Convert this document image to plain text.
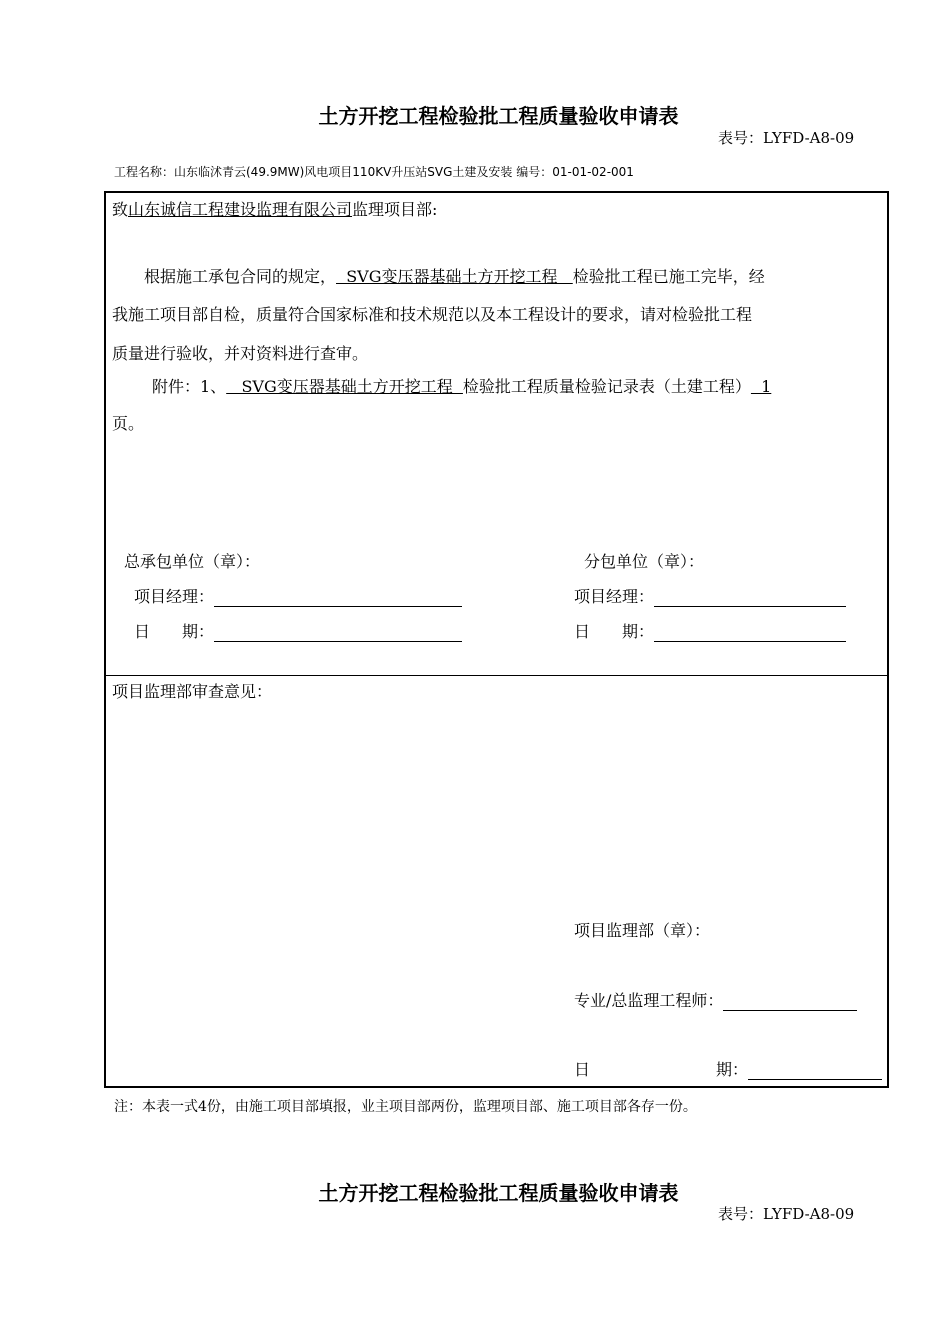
土方开挖工程检验批工程质量验收申请表
表号：LYFD-A8-09
工程名称：山东临沭青云(49.9MW)风电项目110KV升压站SVG土建及安装 编号：01-01-02-001
致山东诚信工程建设监理有限公司监理项目部:
根据施工承包合同的规定，  SVG变压器基础土方开挖工程   检验批工程已施工完毕，经
我施工项目部自检，质量符合国家标准和技术规范以及本工程设计的要求，请对检验批工程
质量进行验收，并对资料进行查审。
附件：1、   SVG变压器基础土方开挖工程  检验批工程质量检验记录表（土建工程）  1
页。
总承包单位（章）：	分包单位（章）：
项目经理：	项目经理：
日　　期：	日　　期：
项目监理部审查意见：
项目监理部（章）：
专业/总监理工程师：
日	期：
注：本表一式4份，由施工项目部填报，业主项目部两份，监理项目部、施工项目部各存一份。
土方开挖工程检验批工程质量验收申请表
表号：LYFD-A8-09
